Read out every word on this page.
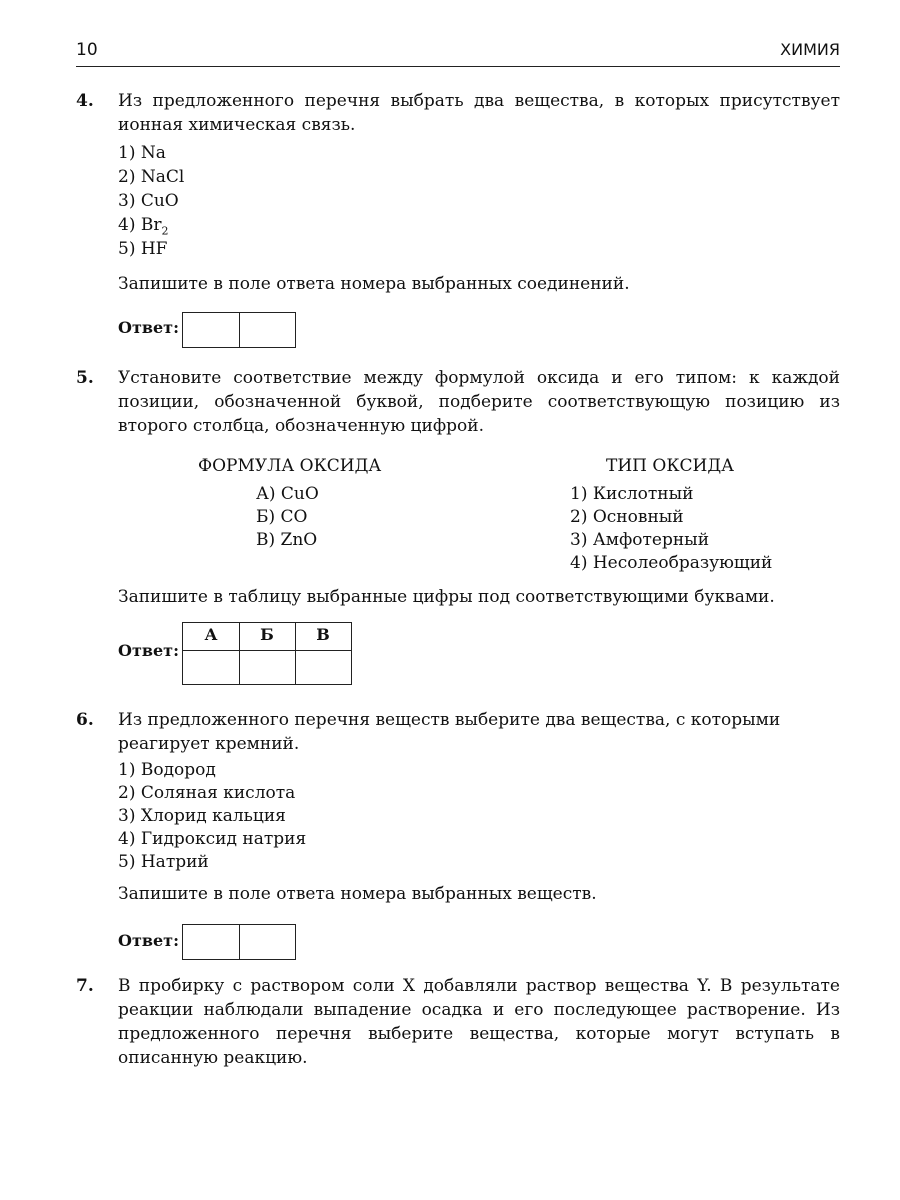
10	ХИМИЯ
4. Из предложенного перечня выбрать два вещества, в которых присутствует ионная химическая связь.
1) Na
2) NaCl
3) CuO
4) $Br_2$
5) HF
Запишите в поле ответа номера выбранных соединений.
Ответ:
5. Установите соответствие между формулой оксида и его типом: к каждой позиции, обозначенной буквой, подберите соответствующую позицию из второго столбца, обозначенную цифрой.
ФОРМУЛА ОКСИДА	ТИП ОКСИДА
А) CuO
Б) CO
В) ZnO
1) Кислотный
2) Основный
3) Амфотерный
4) Несолеобразующий
Запишите в таблицу выбранные цифры под соответствующими буквами.
Ответ:
А	Б	В
6. Из предложенного перечня веществ выберите два вещества, с которыми реагирует кремний.
1) Водород
2) Соляная кислота
3) Хлорид кальция
4) Гидроксид натрия
5) Натрий
Запишите в поле ответа номера выбранных веществ.
Ответ:
7. В пробирку с раствором соли X добавляли раствор вещества Y. В результате реакции наблюдали выпадение осадка и его последующее растворение. Из предложенного перечня выберите вещества, которые могут вступать в описанную реакцию.
